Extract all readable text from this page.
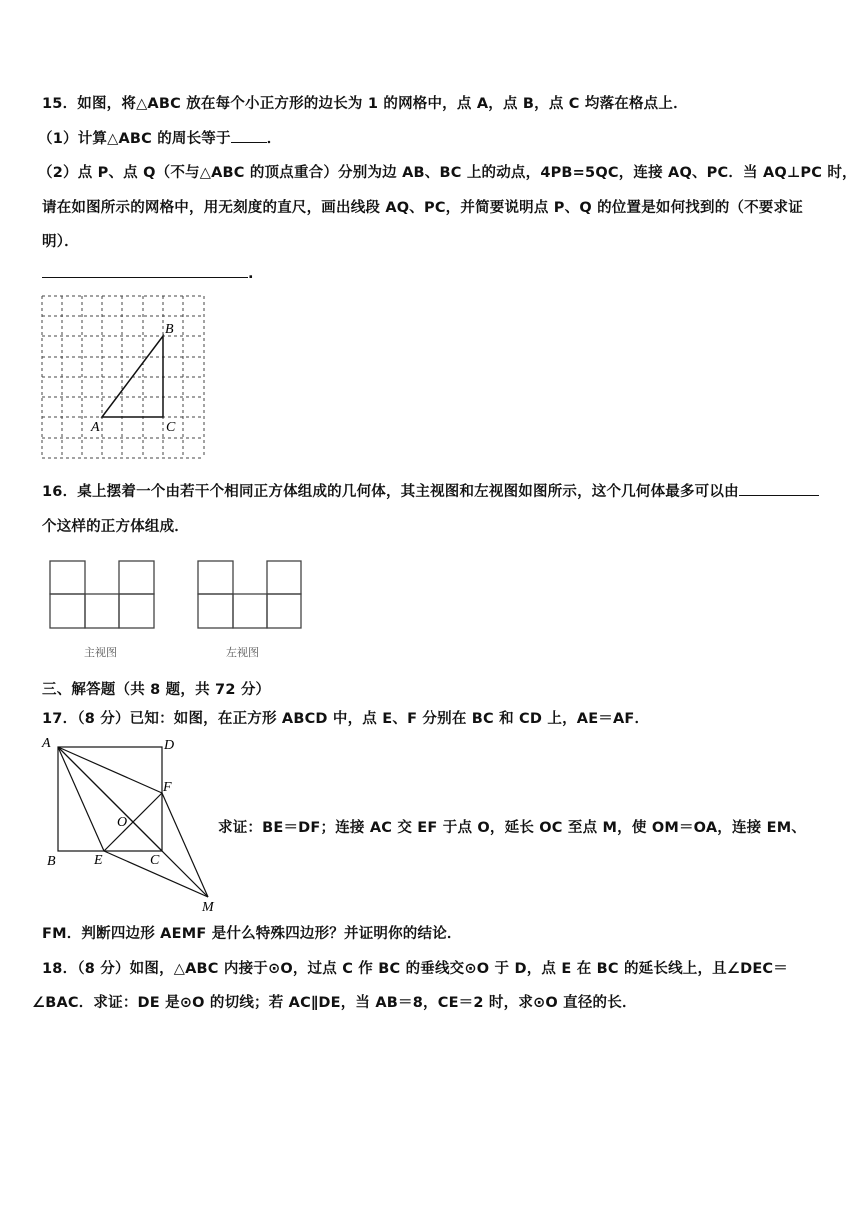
15．如图，将△ABC 放在每个小正方形的边长为 1 的网格中，点 A，点 B，点 C 均落在格点上．
（1）计算△ABC 的周长等于 ．
（2）点 P、点 Q（不与△ABC 的顶点重合）分别为边 AB、BC 上的动点，4PB=5QC，连接 AQ、PC．当 AQ⊥PC 时，
请在如图所示的网格中，用无刻度的直尺，画出线段 AQ、PC，并简要说明点 P、Q 的位置是如何找到的（不要求证
明）．
.
B
A	C
主视图	左视图
A	D
F
O
B	E	C
M
16．桌上摆着一个由若干个相同正方体组成的几何体，其主视图和左视图如图所示，这个几何体最多可以由
个这样的正方体组成．
三、解答题（共 8 题，共 72 分）
17．（8 分）已知：如图，在正方形 ABCD 中，点 E、F 分别在 BC 和 CD 上，AE＝AF．
求证：BE＝DF；连接 AC 交 EF 于点 O，延长 OC 至点 M，使 OM＝OA，连接 EM、
FM．判断四边形 AEMF 是什么特殊四边形？并证明你的结论．
18．（8 分）如图，△ABC 内接于⊙O，过点 C 作 BC 的垂线交⊙O 于 D，点 E 在 BC 的延长线上，且∠DEC＝
∠BAC．求证：DE 是⊙O 的切线；若 AC∥DE，当 AB＝8，CE＝2 时，求⊙O 直径的长．
